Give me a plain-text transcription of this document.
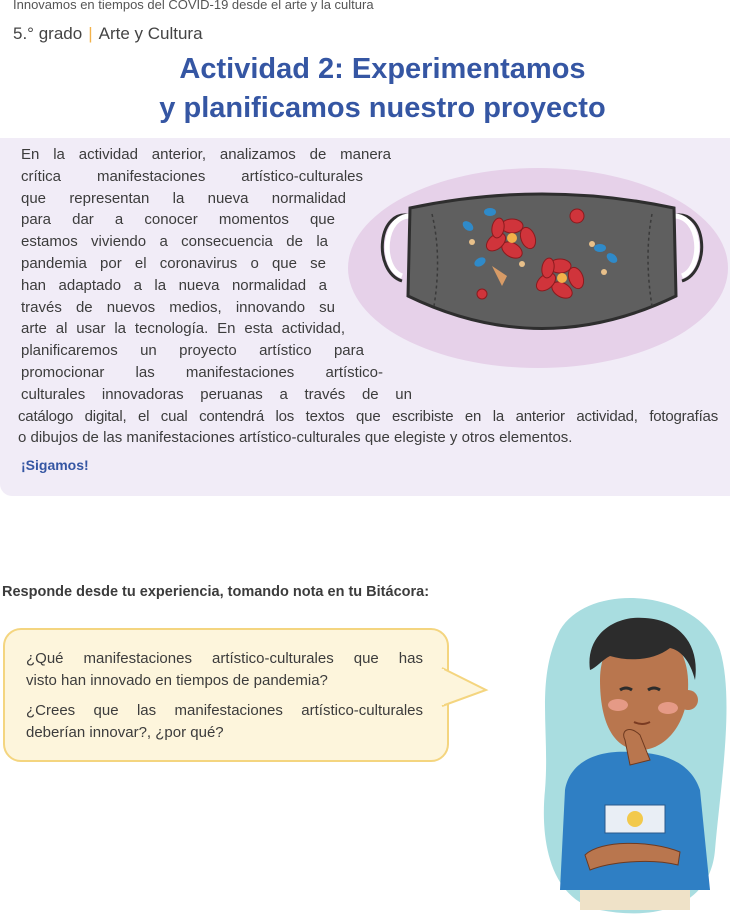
Innovamos en tiempos del COVID-19 desde el arte y la cultura
5.° grado | Arte y Cultura
Actividad 2: Experimentamos
y planificamos nuestro proyecto
En la actividad anterior, analizamos de manera
crítica manifestaciones artístico-culturales
que representan la nueva normalidad
para dar a conocer momentos que
estamos viviendo a consecuencia de la
pandemia por el coronavirus o que se
han adaptado a la nueva normalidad a
través de nuevos medios, innovando su
arte al usar la tecnología. En esta actividad,
planificaremos un proyecto artístico para
promocionar las manifestaciones artístico-
culturales innovadoras peruanas a través de un
catálogo digital, el cual contendrá los textos que escribiste en la anterior actividad, fotografías
o dibujos de las manifestaciones artístico-culturales que elegiste y otros elementos.
¡Sigamos!
Responde desde tu experiencia, tomando nota en tu Bitácora:
¿Qué manifestaciones artístico-culturales que has
visto han innovado en tiempos de pandemia?
¿Crees que las manifestaciones artístico-culturales
deberían innovar?, ¿por qué?
